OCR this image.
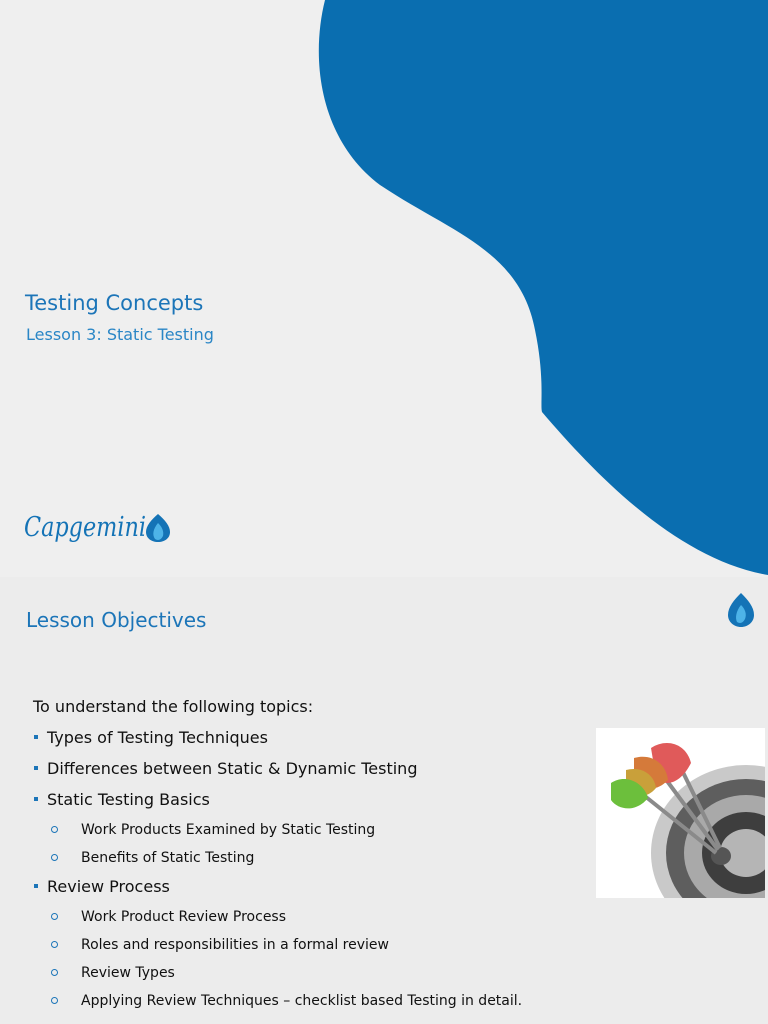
Testing Concepts
Lesson 3: Static Testing
Capgemini
Lesson Objectives
To understand the following topics:
Types of Testing Techniques
Differences between Static & Dynamic Testing
Static Testing Basics
Work Products Examined by Static Testing
Benefits of Static Testing
Review Process
Work Product Review Process
Roles and responsibilities in a formal review
Review Types
Applying Review Techniques – checklist based Testing in detail.
